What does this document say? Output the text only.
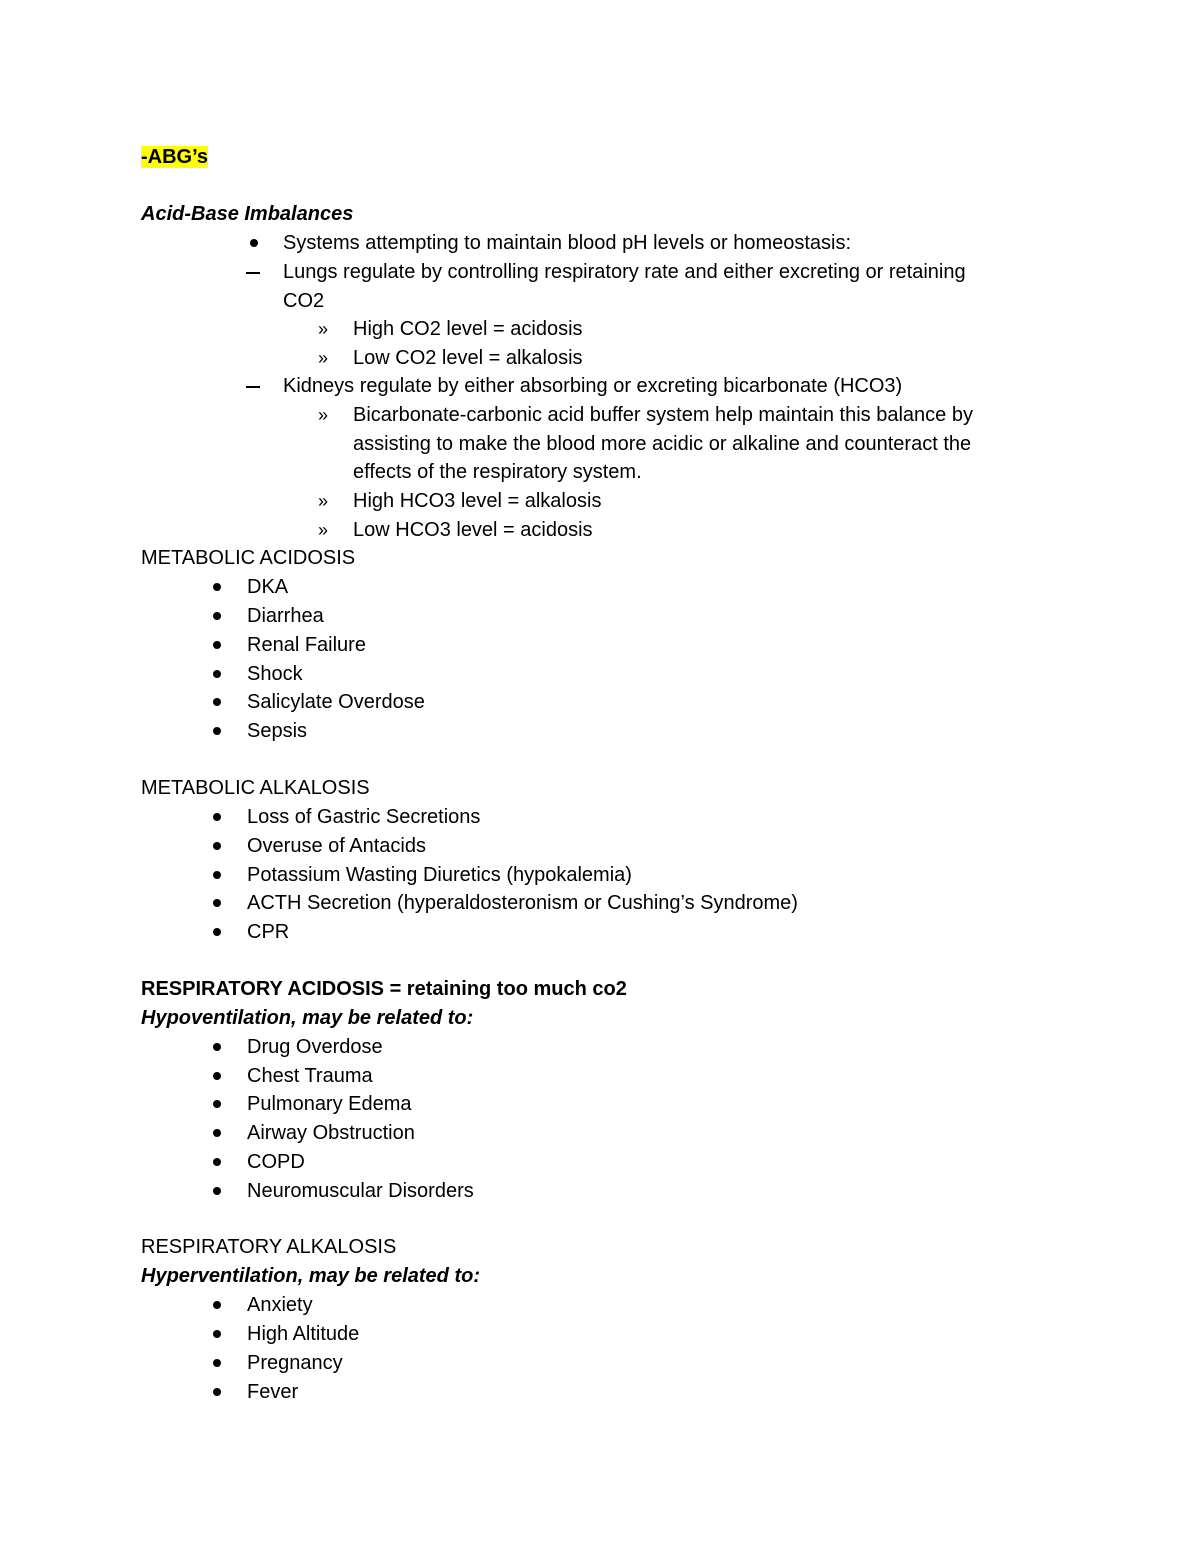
-ABG’s
Acid-Base Imbalances
Systems attempting to maintain blood pH levels or homeostasis:
Lungs regulate by controlling respiratory rate and either excreting or retaining
CO2
» High CO2 level = acidosis
» Low CO2 level = alkalosis
Kidneys regulate by either absorbing or excreting bicarbonate (HCO3)
» Bicarbonate-carbonic acid buffer system help maintain this balance by
assisting to make the blood more acidic or alkaline and counteract the
effects of the respiratory system.
» High HCO3 level = alkalosis
» Low HCO3 level = acidosis
METABOLIC ACIDOSIS
DKA
Diarrhea
Renal Failure
Shock
Salicylate Overdose
Sepsis
METABOLIC ALKALOSIS
Loss of Gastric Secretions
Overuse of Antacids
Potassium Wasting Diuretics (hypokalemia)
ACTH Secretion (hyperaldosteronism or Cushing’s Syndrome)
CPR
RESPIRATORY ACIDOSIS = retaining too much co2
Hypoventilation, may be related to:
Drug Overdose
Chest Trauma
Pulmonary Edema
Airway Obstruction
COPD
Neuromuscular Disorders
RESPIRATORY ALKALOSIS
Hyperventilation, may be related to:
Anxiety
High Altitude
Pregnancy
Fever
